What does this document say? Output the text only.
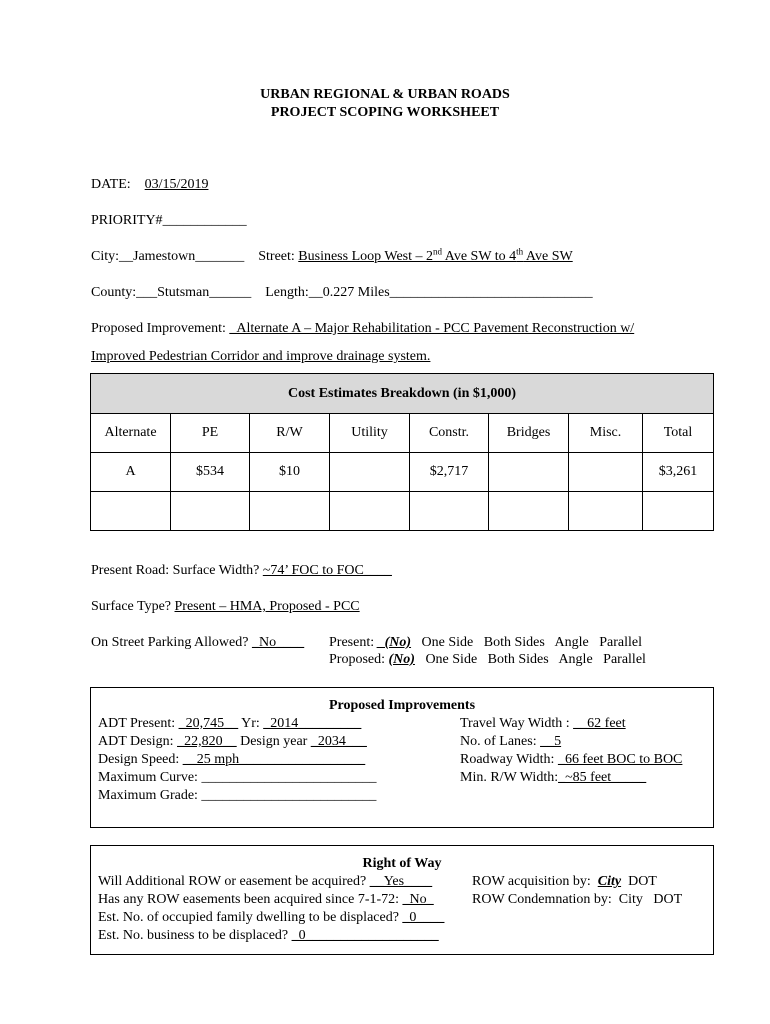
URBAN REGIONAL & URBAN ROADS
PROJECT SCOPING WORKSHEET
DATE: 03/15/2019
PRIORITY#____________
City:__Jamestown_______ Street: Business Loop West – 2nd Ave SW to 4th Ave SW
County:___Stutsman______ Length:__0.227 Miles_____________________________
Proposed Improvement: _Alternate A – Major Rehabilitation - PCC Pavement Reconstruction w/
Improved Pedestrian Corridor and improve drainage system.
Cost Estimates Breakdown (in $1,000)							
Alternate	PE	R/W	Utility	Constr.	Bridges	Misc.	Total
A	$534	$10		$2,717			$3,261

Present Road: Surface Width? ~74’ FOC to FOC____
Surface Type? Present – HMA, Proposed - PCC
On Street Parking Allowed? _No____ Present: _(No) One Side   Both Sides   Angle   Parallel
Proposed: (No) One Side   Both Sides   Angle   Parallel
Proposed Improvements
ADT Present: _20,745__ Yr: _2014_________
ADT Design: _22,820__ Design year _2034___
Design Speed: __25 mph__________________
Maximum Curve: _________________________
Maximum Grade: _________________________
Travel Way Width : __62 feet
No. of Lanes: __5
Roadway Width: _66 feet BOC to BOC
Min. R/W Width:_~85 feet_____
Right of Way
Will Additional ROW or easement be acquired? __Yes____	ROW acquisition by: City DOT
Has any ROW easements been acquired since 7-1-72: _No_	ROW Condemnation by: City   DOT
Est. No. of occupied family dwelling to be displaced? _0____
Est. No. business to be displaced? _0___________________
